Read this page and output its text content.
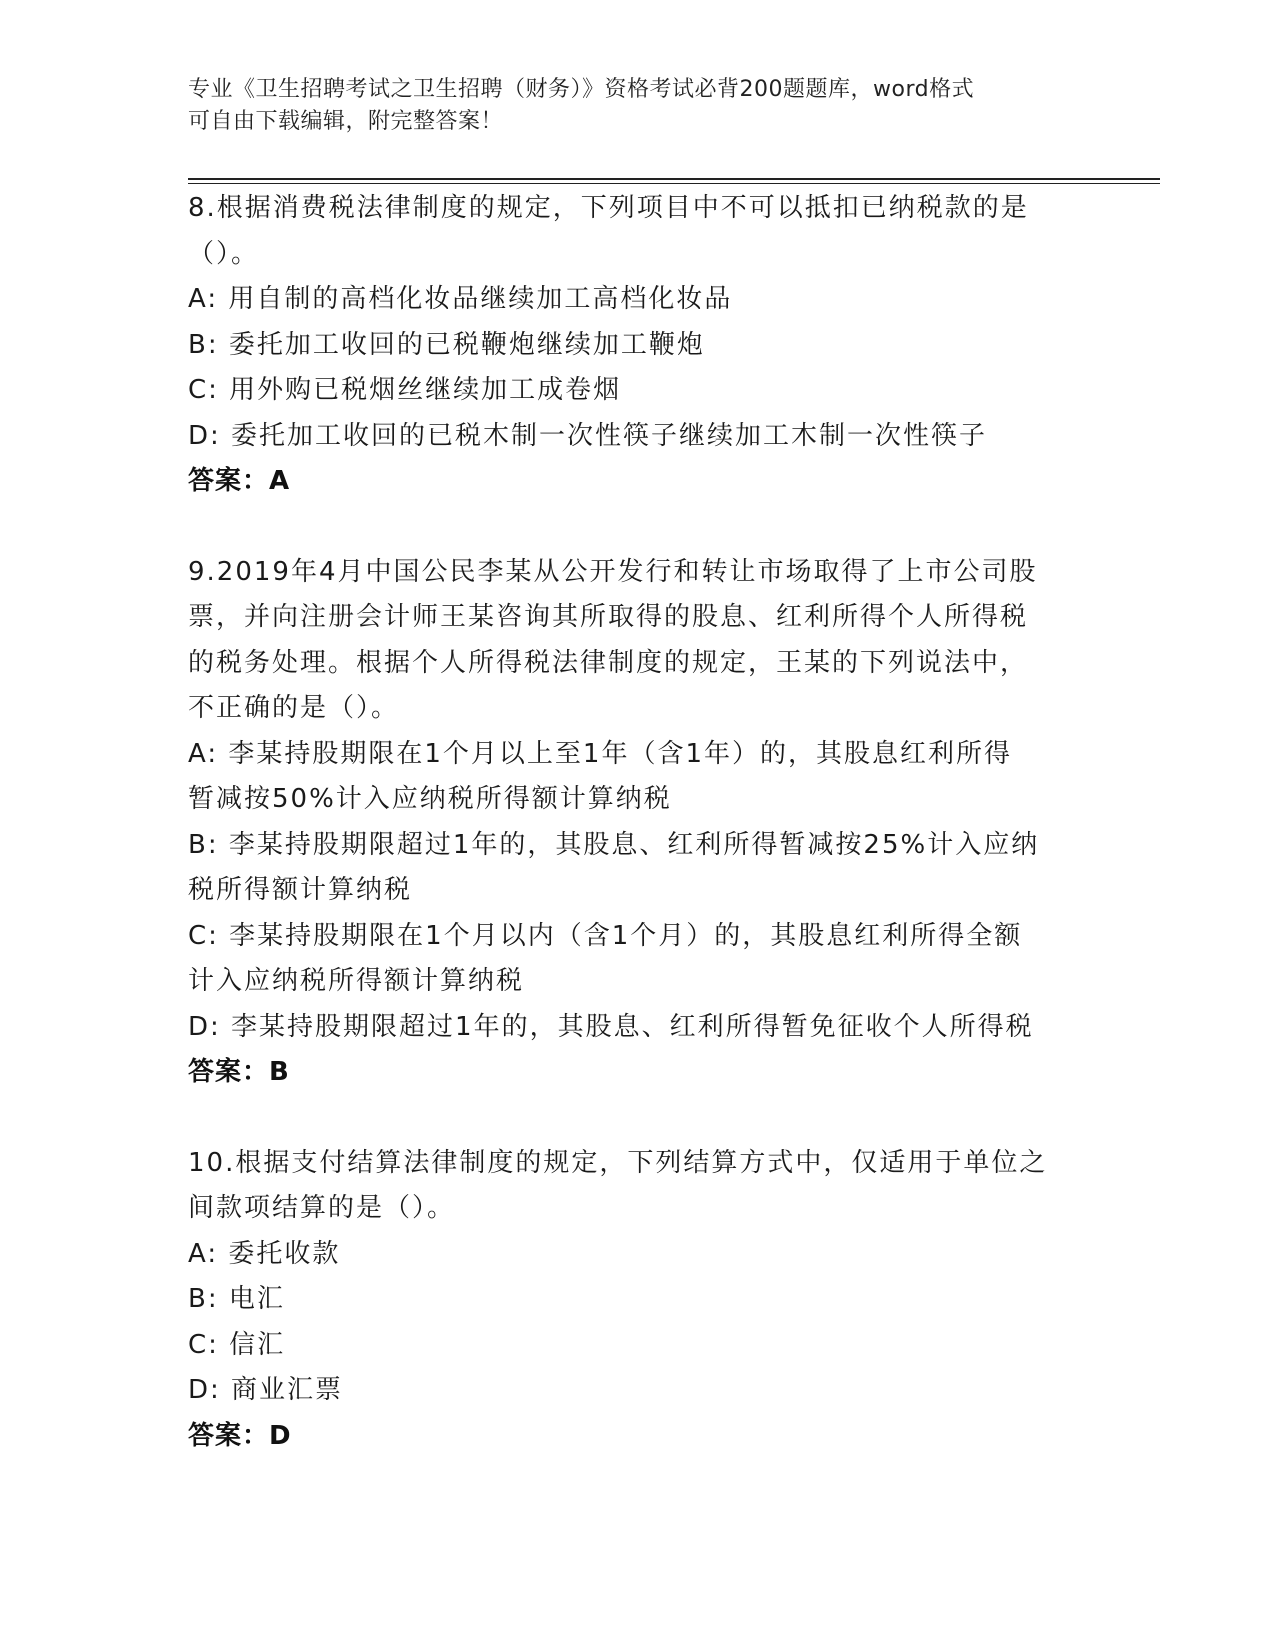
专业《卫生招聘考试之卫生招聘（财务）》资格考试必背200题题库，word格式
可自由下载编辑，附完整答案！
8.根据消费税法律制度的规定，下列项目中不可以抵扣已纳税款的是
（）。
A: 用自制的高档化妆品继续加工高档化妆品
B: 委托加工收回的已税鞭炮继续加工鞭炮
C: 用外购已税烟丝继续加工成卷烟
D: 委托加工收回的已税木制一次性筷子继续加工木制一次性筷子
答案：A
9.2019年4月中国公民李某从公开发行和转让市场取得了上市公司股
票，并向注册会计师王某咨询其所取得的股息、红利所得个人所得税
的税务处理。根据个人所得税法律制度的规定，王某的下列说法中，
不正确的是（）。
A: 李某持股期限在1个月以上至1年（含1年）的，其股息红利所得
暂减按50%计入应纳税所得额计算纳税
B: 李某持股期限超过1年的，其股息、红利所得暂减按25%计入应纳
税所得额计算纳税
C: 李某持股期限在1个月以内（含1个月）的，其股息红利所得全额
计入应纳税所得额计算纳税
D: 李某持股期限超过1年的，其股息、红利所得暂免征收个人所得税
答案：B
10.根据支付结算法律制度的规定，下列结算方式中，仅适用于单位之
间款项结算的是（）。
A: 委托收款
B: 电汇
C: 信汇
D: 商业汇票
答案：D
